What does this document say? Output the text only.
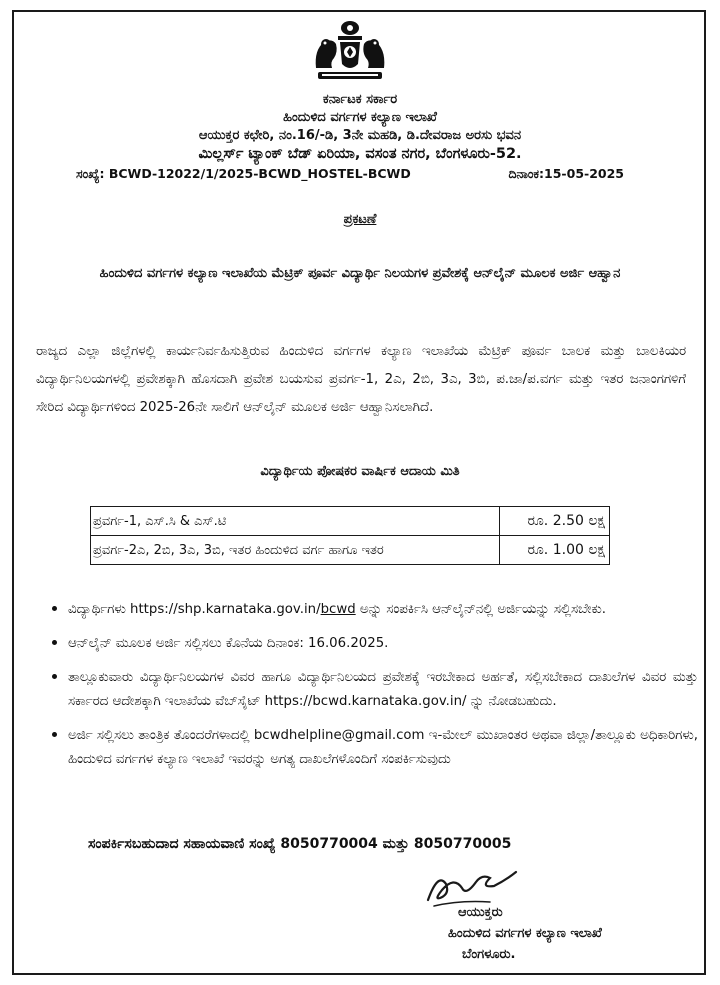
ಕರ್ನಾಟಕ ಸರ್ಕಾರ
ಹಿಂದುಳಿದ ವರ್ಗಗಳ ಕಲ್ಯಾಣ ಇಲಾಖೆ
ಆಯುಕ್ತರ ಕಛೇರಿ, ನಂ.16/-ಡಿ, 3ನೇ ಮಹಡಿ, ಡಿ.ದೇವರಾಜ ಅರಸು ಭವನ
ಮಿಲ್ಲರ್ಸ್ ಟ್ಯಾಂಕ್ ಬೆಡ್ ಏರಿಯಾ, ವಸಂತ ನಗರ, ಬೆಂಗಳೂರು-52.
ಸಂಖ್ಯೆ: BCWD-12022/1/2025-BCWD_HOSTEL-BCWD	ದಿನಾಂಕ:15-05-2025
ಪ್ರಕಟಣೆ
ಹಿಂದುಳಿದ ವರ್ಗಗಳ ಕಲ್ಯಾಣ ಇಲಾಖೆಯ ಮೆಟ್ರಿಕ್ ಪೂರ್ವ ವಿದ್ಯಾರ್ಥಿ ನಿಲಯಗಳ ಪ್ರವೇಶಕ್ಕೆ ಆನ್‌ಲೈನ್ ಮೂಲಕ ಅರ್ಜಿ ಆಹ್ವಾನ
ರಾಜ್ಯದ ಎಲ್ಲಾ ಜಿಲ್ಲೆಗಳಲ್ಲಿ ಕಾರ್ಯನಿರ್ವಹಿಸುತ್ತಿರುವ ಹಿಂದುಳಿದ ವರ್ಗಗಳ ಕಲ್ಯಾಣ ಇಲಾಖೆಯ ಮೆಟ್ರಿಕ್ ಪೂರ್ವ ಬಾಲಕ ಮತ್ತು ಬಾಲಕಿಯರ ವಿದ್ಯಾರ್ಥಿನಿಲಯಗಳಲ್ಲಿ ಪ್ರವೇಶಕ್ಕಾಗಿ ಹೊಸದಾಗಿ ಪ್ರವೇಶ ಬಯಸುವ ಪ್ರವರ್ಗ-1, 2ಎ, 2ಬಿ, 3ಎ, 3ಬಿ, ಪ.ಜಾ/ಪ.ವರ್ಗ ಮತ್ತು ಇತರ ಜನಾಂಗಗಳಿಗೆ ಸೇರಿದ ವಿದ್ಯಾರ್ಥಿಗಳಿಂದ 2025-26ನೇ ಸಾಲಿಗೆ ಆನ್‌ಲೈನ್ ಮೂಲಕ ಅರ್ಜಿ ಆಹ್ವಾನಿಸಲಾಗಿದೆ.
ವಿದ್ಯಾರ್ಥಿಯ ಪೋಷಕರ ವಾರ್ಷಿಕ ಆದಾಯ ಮಿತಿ
ಪ್ರವರ್ಗ-1, ಎಸ್.ಸಿ & ಎಸ್.ಟಿ	ರೂ. 2.50 ಲಕ್ಷ
ಪ್ರವರ್ಗ-2ಎ, 2ಬಿ, 3ಎ, 3ಬಿ, ಇತರ ಹಿಂದುಳಿದ ವರ್ಗ ಹಾಗೂ ಇತರ	ರೂ. 1.00 ಲಕ್ಷ
• ವಿದ್ಯಾರ್ಥಿಗಳು https://shp.karnataka.gov.in/bcwd ಅನ್ನು ಸಂಪರ್ಕಿಸಿ ಆನ್‌ಲೈನ್‌ನಲ್ಲಿ ಅರ್ಜಿಯನ್ನು ಸಲ್ಲಿಸಬೇಕು.
• ಆನ್‌ಲೈನ್ ಮೂಲಕ ಅರ್ಜಿ ಸಲ್ಲಿಸಲು ಕೊನೆಯ ದಿನಾಂಕ: 16.06.2025.
• ತಾಲ್ಲೂಕುವಾರು ವಿದ್ಯಾರ್ಥಿನಿಲಯಗಳ ವಿವರ ಹಾಗೂ ವಿದ್ಯಾರ್ಥಿನಿಲಯದ ಪ್ರವೇಶಕ್ಕೆ ಇರಬೇಕಾದ ಅರ್ಹತೆ, ಸಲ್ಲಿಸಬೇಕಾದ ದಾಖಲೆಗಳ ವಿವರ ಮತ್ತು ಸರ್ಕಾರದ ಆದೇಶಕ್ಕಾಗಿ ಇಲಾಖೆಯ ವೆಬ್‌ಸೈಟ್ https://bcwd.karnataka.gov.in/ ನ್ನು ನೋಡಬಹುದು.
• ಅರ್ಜಿ ಸಲ್ಲಿಸಲು ತಾಂತ್ರಿಕ ತೊಂದರೆಗಳಾದಲ್ಲಿ bcwdhelpline@gmail.com ಇ-ಮೇಲ್ ಮುಖಾಂತರ ಅಥವಾ ಜಿಲ್ಲಾ/ತಾಲ್ಲೂಕು ಅಧಿಕಾರಿಗಳು, ಹಿಂದುಳಿದ ವರ್ಗಗಳ ಕಲ್ಯಾಣ ಇಲಾಖೆ ಇವರನ್ನು ಅಗತ್ಯ ದಾಖಲೆಗಳೊಂದಿಗೆ ಸಂಪರ್ಕಿಸುವುದು
ಸಂಪರ್ಕಿಸಬಹುದಾದ ಸಹಾಯವಾಣಿ ಸಂಖ್ಯೆ 8050770004 ಮತ್ತು 8050770005
ಆಯುಕ್ತರು
ಹಿಂದುಳಿದ ವರ್ಗಗಳ ಕಲ್ಯಾಣ ಇಲಾಖೆ
ಬೆಂಗಳೂರು.
